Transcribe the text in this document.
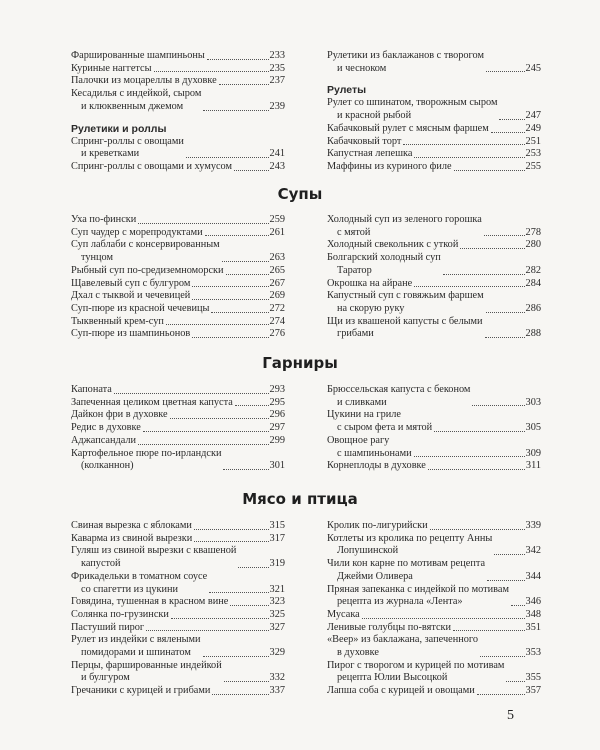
Фаршированные шампиньоны	233
Куриные наггетсы	235
Палочки из моцареллы в духовке	237
Кесадилья с индейкой, сыром
и клюквенным джемом	239
Рулетики и роллы
Спринг-роллы с овощами
и креветками	241
Спринг-роллы с овощами и хумусом	243
Рулетики из баклажанов с творогом
и чесноком	245
Рулеты
Рулет со шпинатом, творожным сыром
и красной рыбой	247
Кабачковый рулет с мясным фаршем	249
Кабачковый торт	251
Капустная лепешка	253
Маффины из куриного филе	255
Супы
Уха по-фински	259
Суп чаудер с морепродуктами	261
Суп лаблаби с консервированным
тунцом	263
Рыбный суп по-средиземноморски	265
Щавелевый суп с булгуром	267
Дхал с тыквой и чечевицей	269
Суп-пюре из красной чечевицы	272
Тыквенный крем-суп	274
Суп-пюре из шампиньонов	276
Холодный суп из зеленого горошка
с мятой	278
Холодный свекольник с уткой	280
Болгарский холодный суп
Таратор	282
Окрошка на айране	284
Капустный суп с говяжьим фаршем
на скорую руку	286
Щи из квашеной капусты с белыми
грибами	288
Гарниры
Капоната	293
Запеченная целиком цветная капуста	295
Дайкон фри в духовке	296
Редис в духовке	297
Аджапсандали	299
Картофельное пюре по-ирландски
(колканнон)	301
Брюссельская капуста с беконом
и сливками	303
Цукини на гриле
с сыром фета и мятой	305
Овощное рагу
с шампиньонами	309
Корнеплоды в духовке	311
Мясо и птица
Свиная вырезка с яблоками	315
Каварма из свиной вырезки	317
Гуляш из свиной вырезки с квашеной
капустой	319
Фрикадельки в томатном соусе
со спагетти из цукини	321
Говядина, тушенная в красном вине	323
Солянка по-грузински	325
Пастуший пирог	327
Рулет из индейки с вялеными
помидорами и шпинатом	329
Перцы, фаршированные индейкой
и булгуром	332
Гречаники с курицей и грибами	337
Кролик по-лигурийски	339
Котлеты из кролика по рецепту Анны
Лопушинской	342
Чили кон карне по мотивам рецепта
Джейми Оливера	344
Пряная запеканка с индейкой по мотивам
рецепта из журнала «Лента»	346
Мусака	348
Ленивые голубцы по-вятски	351
«Веер» из баклажана, запеченного
в духовке	353
Пирог с творогом и курицей по мотивам
рецепта Юлии Высоцкой	355
Лапша соба с курицей и овощами	357
5
